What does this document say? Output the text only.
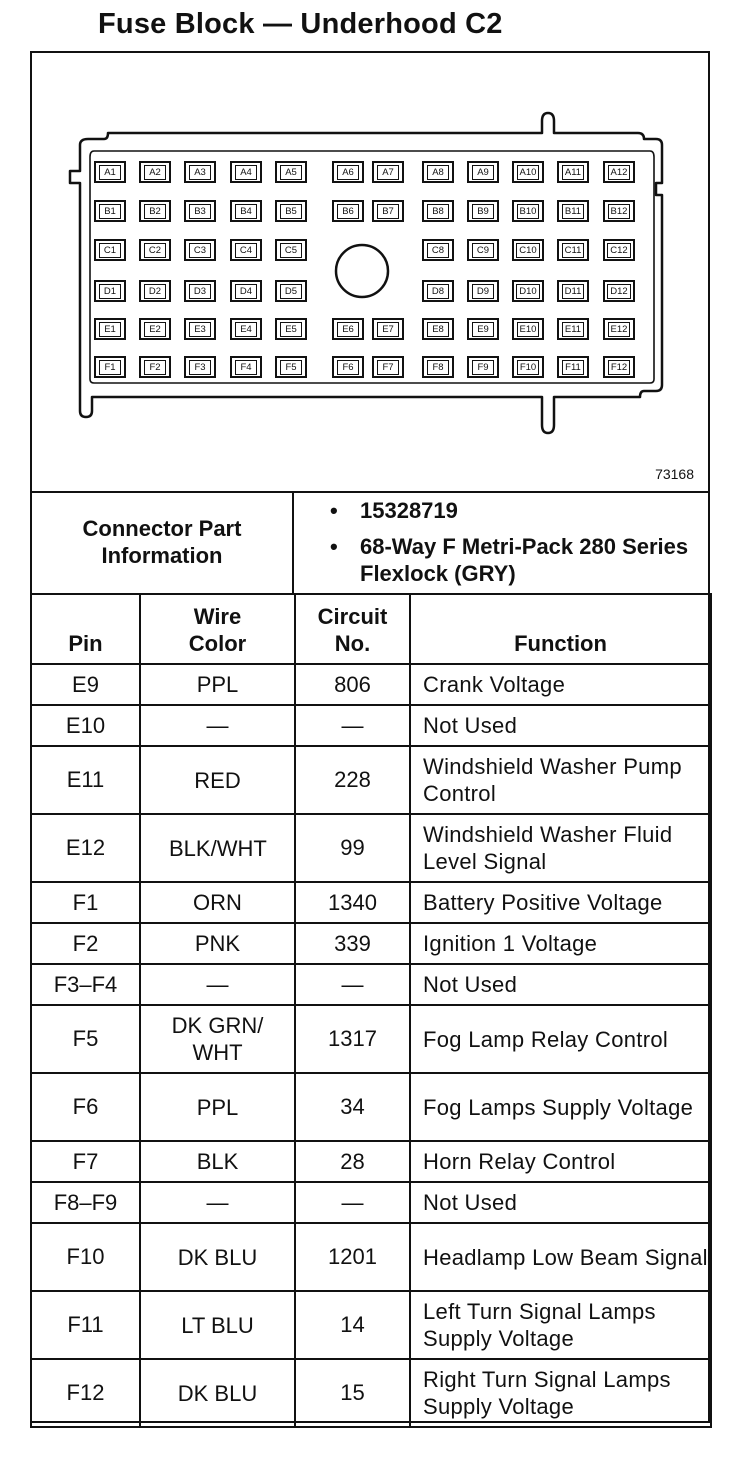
Fuse Block — Underhood C2
A1	A2	A3	A4	A5	A6	A7	A8	A9	A10	A11	A12
B1	B2	B3	B4	B5	B6	B7	B8	B9	B10	B11	B12
C1	C2	C3	C4	C5	C8	C9	C10	C11	C12
D1	D2	D3	D4	D5	D8	D9	D10	D11	D12
E1	E2	E3	E4	E5	E6	E7	E8	E9	E10	E11	E12
F1	F2	F3	F4	F5	F6	F7	F8	F9	F10	F11	F12
73168
Connector Part Information
• 15328719
• 68-Way F Metri-Pack 280 Series Flexlock (GRY)
Pin	Wire Color	Circuit No.	Function
E9	PPL	806	Crank Voltage
E10	—	—	Not Used
E11	RED	228	Windshield Washer Pump Control
E12	BLK/WHT	99	Windshield Washer Fluid Level Signal
F1	ORN	1340	Battery Positive Voltage
F2	PNK	339	Ignition 1 Voltage
F3–F4	—	—	Not Used
F5	DK GRN/ WHT	1317	Fog Lamp Relay Control
F6	PPL	34	Fog Lamps Supply Voltage
F7	BLK	28	Horn Relay Control
F8–F9	—	—	Not Used
F10	DK BLU	1201	Headlamp Low Beam Signal
F11	LT BLU	14	Left Turn Signal Lamps Supply Voltage
F12	DK BLU	15	Right Turn Signal Lamps Supply Voltage
